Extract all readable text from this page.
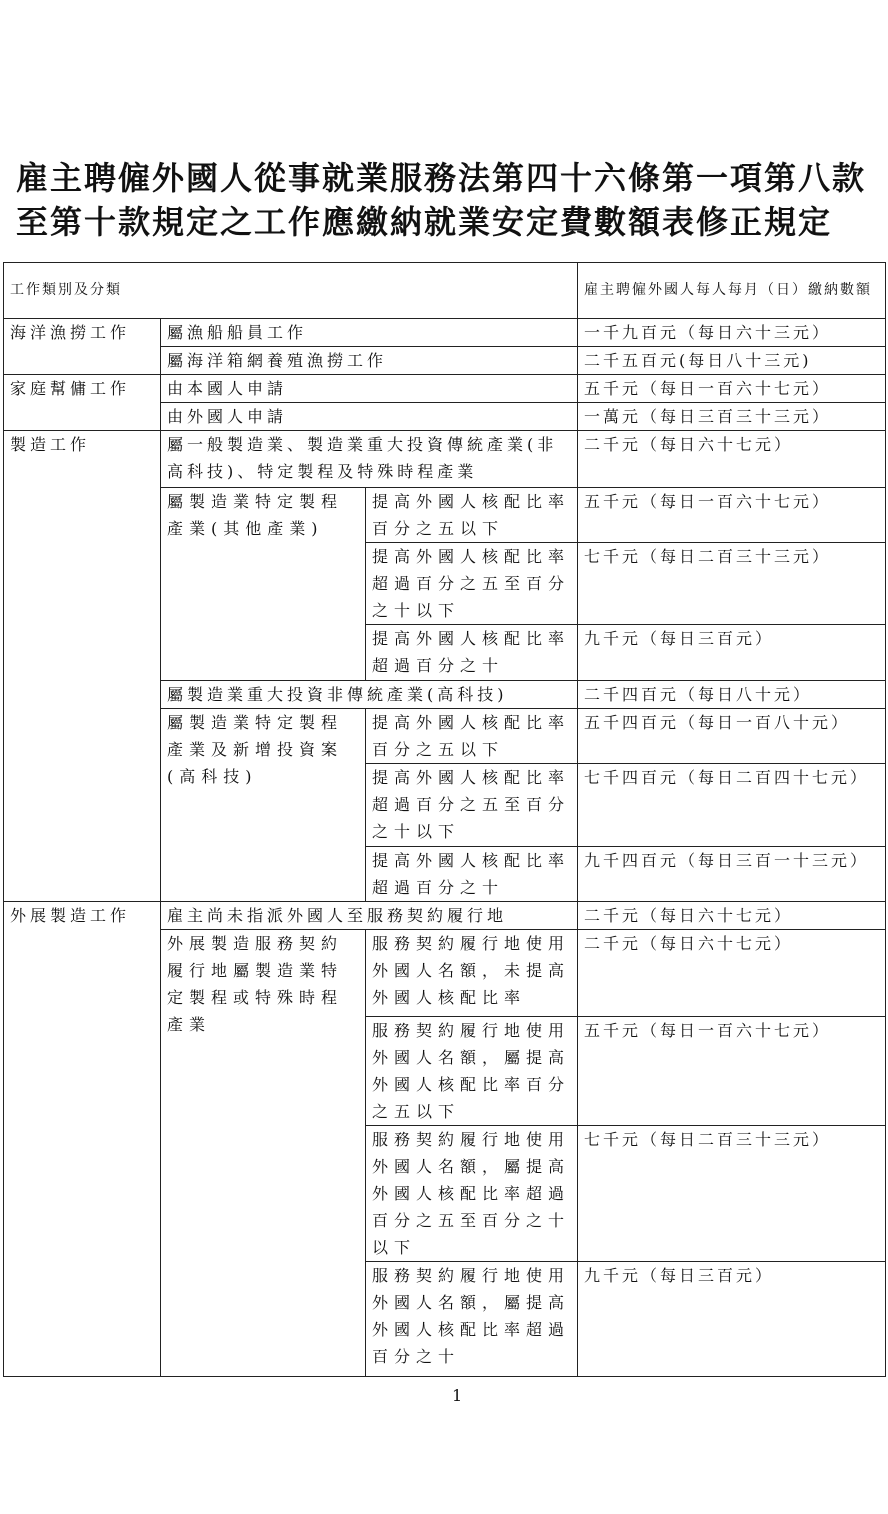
雇主聘僱外國人從事就業服務法第四十六條第一項第八款
至第十款規定之工作應繳納就業安定費數額表修正規定
工作類別及分類			雇主聘僱外國人每人每月（日）繳納數額
海洋漁撈工作	屬漁船船員工作		一千九百元（每日六十三元）
	屬海洋箱網養殖漁撈工作		二千五百元(每日八十三元)
家庭幫傭工作	由本國人申請		五千元（每日一百六十七元）
	由外國人申請		一萬元（每日三百三十三元）
製造工作	屬一般製造業、製造業重大投資傳統產業(非高科技)、特定製程及特殊時程產業		二千元（每日六十七元）
	屬製造業特定製程產業(其他產業)	提高外國人核配比率百分之五以下	五千元（每日一百六十七元）
		提高外國人核配比率超過百分之五至百分之十以下	七千元（每日二百三十三元）
		提高外國人核配比率超過百分之十	九千元（每日三百元）
	屬製造業重大投資非傳統產業(高科技)		二千四百元（每日八十元）
	屬製造業特定製程產業及新增投資案(高科技)	提高外國人核配比率百分之五以下	五千四百元（每日一百八十元）
		提高外國人核配比率超過百分之五至百分之十以下	七千四百元（每日二百四十七元）
		提高外國人核配比率超過百分之十	九千四百元（每日三百一十三元）
外展製造工作	雇主尚未指派外國人至服務契約履行地		二千元（每日六十七元）
	外展製造服務契約履行地屬製造業特定製程或特殊時程產業	服務契約履行地使用外國人名額，未提高外國人核配比率	二千元（每日六十七元）
		服務契約履行地使用外國人名額，屬提高外國人核配比率百分之五以下	五千元（每日一百六十七元）
		服務契約履行地使用外國人名額，屬提高外國人核配比率超過百分之五至百分之十以下	七千元（每日二百三十三元）
		服務契約履行地使用外國人名額，屬提高外國人核配比率超過百分之十	九千元（每日三百元）
1
